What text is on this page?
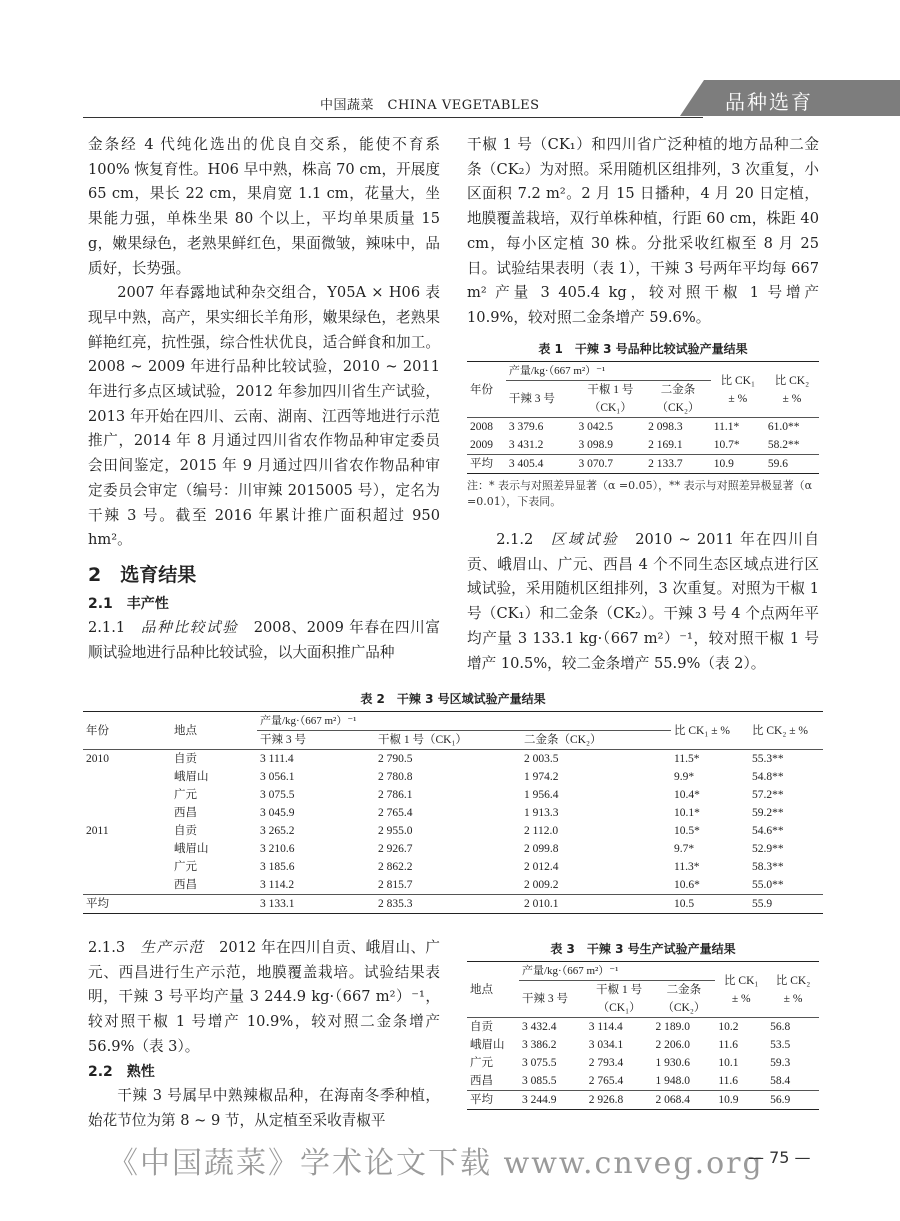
中国蔬菜　CHINA VEGETABLES	品种选育

金条经 4 代纯化选出的优良自交系，能使不育系 100% 恢复育性。H06 早中熟，株高 70 cm，开展度 65 cm，果长 22 cm，果肩宽 1.1 cm，花量大，坐果能力强，单株坐果 80 个以上，平均单果质量 15 g，嫩果绿色，老熟果鲜红色，果面微皱，辣味中，品质好，长势强。

2007 年春露地试种杂交组合，Y05A × H06 表现早中熟，高产，果实细长羊角形，嫩果绿色，老熟果鲜艳红亮，抗性强，综合性状优良，适合鲜食和加工。2008 ~ 2009 年进行品种比较试验，2010 ~ 2011 年进行多点区域试验，2012 年参加四川省生产试验，2013 年开始在四川、云南、湖南、江西等地进行示范推广，2014 年 8 月通过四川省农作物品种审定委员会田间鉴定，2015 年 9 月通过四川省农作物品种审定委员会审定（编号：川审辣 2015005 号），定名为干辣 3 号。截至 2016 年累计推广面积超过 950 hm²。

2　选育结果
2.1　丰产性

2.1.1　 品种比较试验　 2008、2009 年春在四川富顺试验地进行品种比较试验，以大面积推广品种

干椒 1 号（CK₁）和四川省广泛种植的地方品种二金条（CK₂）为对照。采用随机区组排列，3 次重复，小区面积 7.2 m²。2 月 15 日播种，4 月 20 日定植，地膜覆盖栽培，双行单株种植，行距 60 cm，株距 40 cm，每小区定植 30 株。分批采收红椒至 8 月 25 日。试验结果表明（表 1），干辣 3 号两年平均每 667 m² 产量 3 405.4 kg，较对照干椒 1 号增产 10.9%，较对照二金条增产 59.6%。

表 1　干辣 3 号品种比较试验产量结果
年份	产量/kg·（667 m²）⁻¹			比 CK₁
± %	比 CK₂
± %
	干辣 3 号	干椒 1 号
（CK₁）	二金条
（CK₂）		
2008	3 379.6	3 042.5	2 098.3	11.1*	61.0**
2009	3 431.2	3 098.9	2 169.1	10.7*	58.2**
平均	3 405.4	3 070.7	2 133.7	10.9	59.6
注：* 表示与对照差异显著（α =0.05），** 表示与对照差异极显著（α =0.01），下表同。

2.1.2　 区域试验　 2010 ~ 2011 年在四川自贡、峨眉山、广元、西昌 4 个不同生态区域点进行区域试验，采用随机区组排列，3 次重复。对照为干椒 1 号（CK₁）和二金条（CK₂）。干辣 3 号 4 个点两年平均产量 3 133.1 kg·（667 m²）⁻¹，较对照干椒 1 号增产 10.5%，较二金条增产 55.9%（表 2）。

表 2　干辣 3 号区域试验产量结果
年份	地点	产量/kg·（667 m²）⁻¹			比 CK₁ ± %	比 CK₂ ± %
		干辣 3 号	干椒 1 号（CK₁）	二金条（CK₂）		
2010	自贡	3 111.4	2 790.5	2 003.5	11.5*	55.3**
	峨眉山	3 056.1	2 780.8	1 974.2	9.9*	54.8**
	广元	3 075.5	2 786.1	1 956.4	10.4*	57.2**
	西昌	3 045.9	2 765.4	1 913.3	10.1*	59.2**
2011	自贡	3 265.2	2 955.0	2 112.0	10.5*	54.6**
	峨眉山	3 210.6	2 926.7	2 099.8	9.7*	52.9**
	广元	3 185.6	2 862.2	2 012.4	11.3*	58.3**
	西昌	3 114.2	2 815.7	2 009.2	10.6*	55.0**
平均		3 133.1	2 835.3	2 010.1	10.5	55.9

2.1.3　 生产示范　 2012 年在四川自贡、峨眉山、广元、西昌进行生产示范，地膜覆盖栽培。试验结果表明，干辣 3 号平均产量 3 244.9 kg·（667 m²）⁻¹，较对照干椒 1 号增产 10.9%，较对照二金条增产 56.9%（表 3）。

2.2　熟性

干辣 3 号属早中熟辣椒品种，在海南冬季种植，始花节位为第 8 ~ 9 节，从定植至采收青椒平

表 3　干辣 3 号生产试验产量结果
地点	产量/kg·（667 m²）⁻¹			比 CK₁
± %	比 CK₂
± %
	干辣 3 号	干椒 1 号
（CK₁）	二金条
（CK₂）		
自贡	3 432.4	3 114.4	2 189.0	10.2	56.8
峨眉山	3 386.2	3 034.1	2 206.0	11.6	53.5
广元	3 075.5	2 793.4	1 930.6	10.1	59.3
西昌	3 085.5	2 765.4	1 948.0	11.6	58.4
平均	3 244.9	2 926.8	2 068.4	10.9	56.9
《中国蔬菜》学术论文下载 www.cnveg.org
— 75 —
